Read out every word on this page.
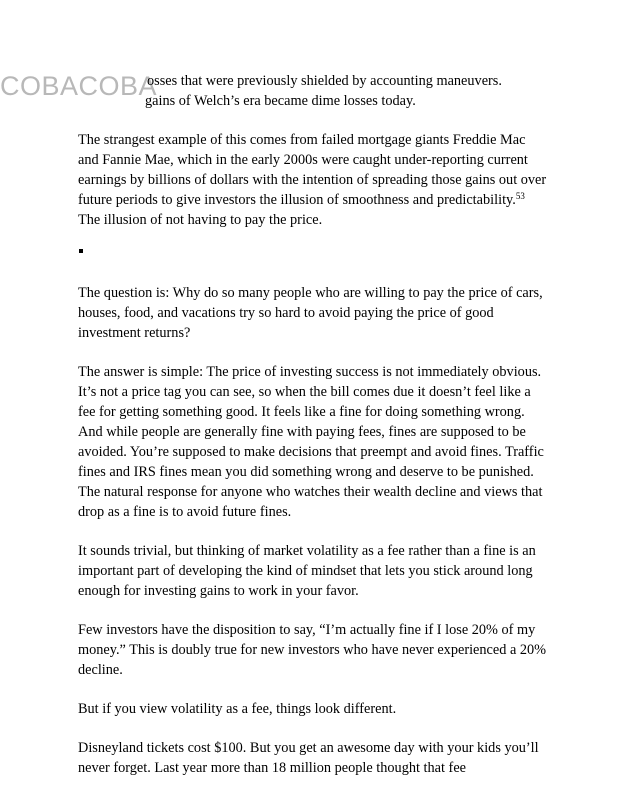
COBACOBA

osses that were previously shielded by accounting maneuvers.
gains of Welch’s era became dime losses today.

The strangest example of this comes from failed mortgage giants Freddie Mac and Fannie Mae, which in the early 2000s were caught under-reporting current earnings by billions of dollars with the intention of spreading those gains out over future periods to give investors the illusion of smoothness and predictability.$^{53}$ The illusion of not having to pay the price.

The question is: Why do so many people who are willing to pay the price of cars, houses, food, and vacations try so hard to avoid paying the price of good investment returns?

The answer is simple: The price of investing success is not immediately obvious. It’s not a price tag you can see, so when the bill comes due it doesn’t feel like a fee for getting something good. It feels like a fine for doing something wrong. And while people are generally fine with paying fees, fines are supposed to be avoided. You’re supposed to make decisions that preempt and avoid fines. Traffic fines and IRS fines mean you did something wrong and deserve to be punished. The natural response for anyone who watches their wealth decline and views that drop as a fine is to avoid future fines.

It sounds trivial, but thinking of market volatility as a fee rather than a fine is an important part of developing the kind of mindset that lets you stick around long enough for investing gains to work in your favor.

Few investors have the disposition to say, “I’m actually fine if I lose 20% of my money.” This is doubly true for new investors who have never experienced a 20% decline.

But if you view volatility as a fee, things look different.

Disneyland tickets cost $100. But you get an awesome day with your kids you’ll never forget. Last year more than 18 million people thought that fee
